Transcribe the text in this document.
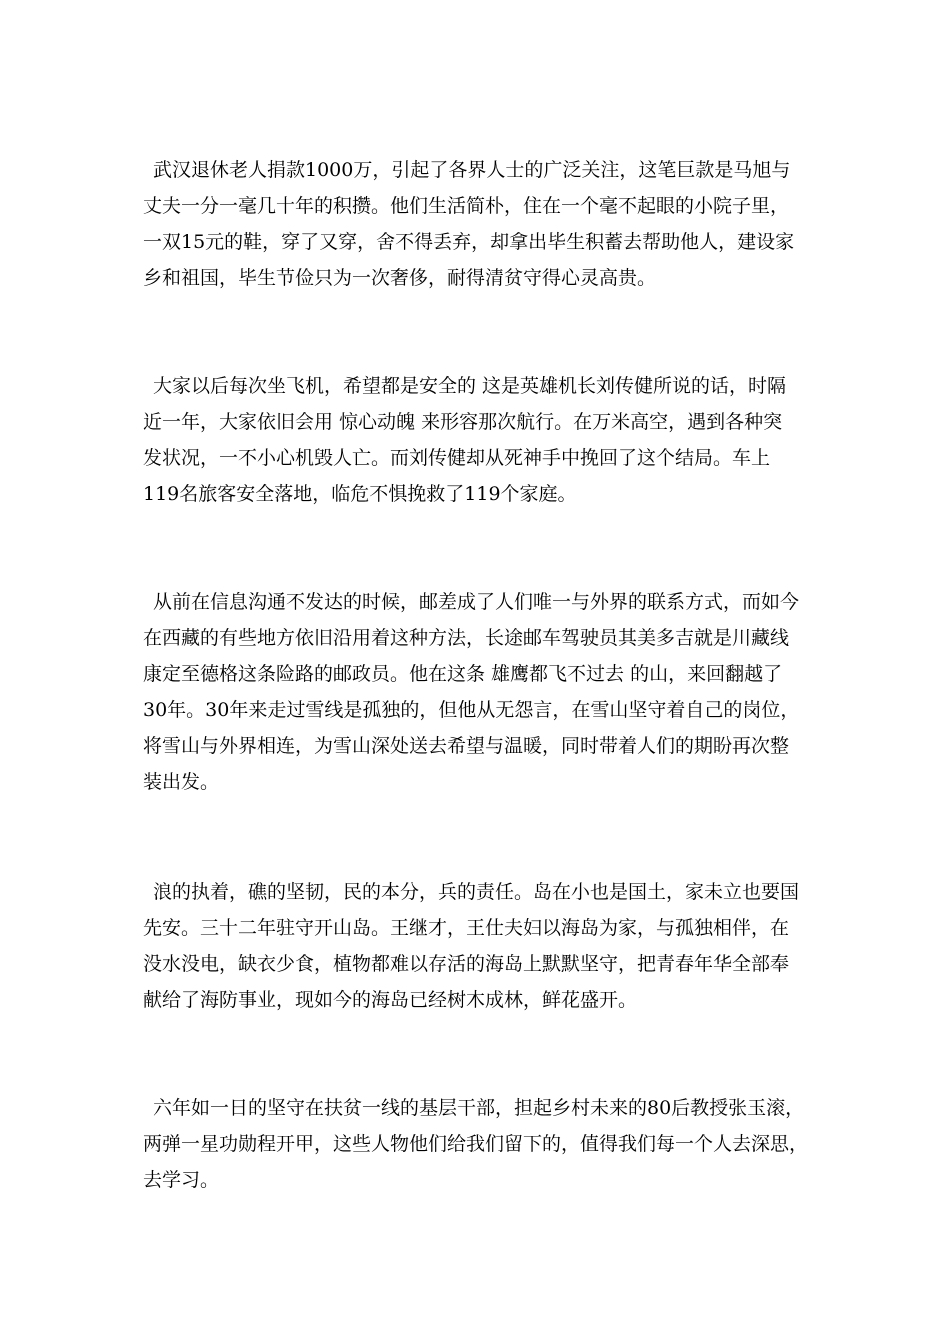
武汉退休老人捐款1000万，引起了各界人士的广泛关注，这笔巨款是马旭与
丈夫一分一毫几十年的积攒。他们生活简朴，住在一个毫不起眼的小院子里，
一双15元的鞋，穿了又穿，舍不得丢弃，却拿出毕生积蓄去帮助他人，建设家
乡和祖国，毕生节俭只为一次奢侈，耐得清贫守得心灵高贵。
大家以后每次坐飞机，希望都是安全的 这是英雄机长刘传健所说的话，时隔
近一年，大家依旧会用 惊心动魄 来形容那次航行。在万米高空，遇到各种突
发状况，一不小心机毁人亡。而刘传健却从死神手中挽回了这个结局。车上
119名旅客安全落地，临危不惧挽救了119个家庭。
从前在信息沟通不发达的时候，邮差成了人们唯一与外界的联系方式，而如今
在西藏的有些地方依旧沿用着这种方法，长途邮车驾驶员其美多吉就是川藏线
康定至德格这条险路的邮政员。他在这条 雄鹰都飞不过去 的山，来回翻越了
30年。30年来走过雪线是孤独的，但他从无怨言，在雪山坚守着自己的岗位，
将雪山与外界相连，为雪山深处送去希望与温暖，同时带着人们的期盼再次整
装出发。
浪的执着，礁的坚韧，民的本分，兵的责任。岛在小也是国土，家未立也要国
先安。三十二年驻守开山岛。王继才，王仕夫妇以海岛为家，与孤独相伴，在
没水没电，缺衣少食，植物都难以存活的海岛上默默坚守，把青春年华全部奉
献给了海防事业，现如今的海岛已经树木成林，鲜花盛开。
六年如一日的坚守在扶贫一线的基层干部，担起乡村未来的80后教授张玉滚，
两弹一星功勋程开甲，这些人物他们给我们留下的，值得我们每一个人去深思，
去学习。
